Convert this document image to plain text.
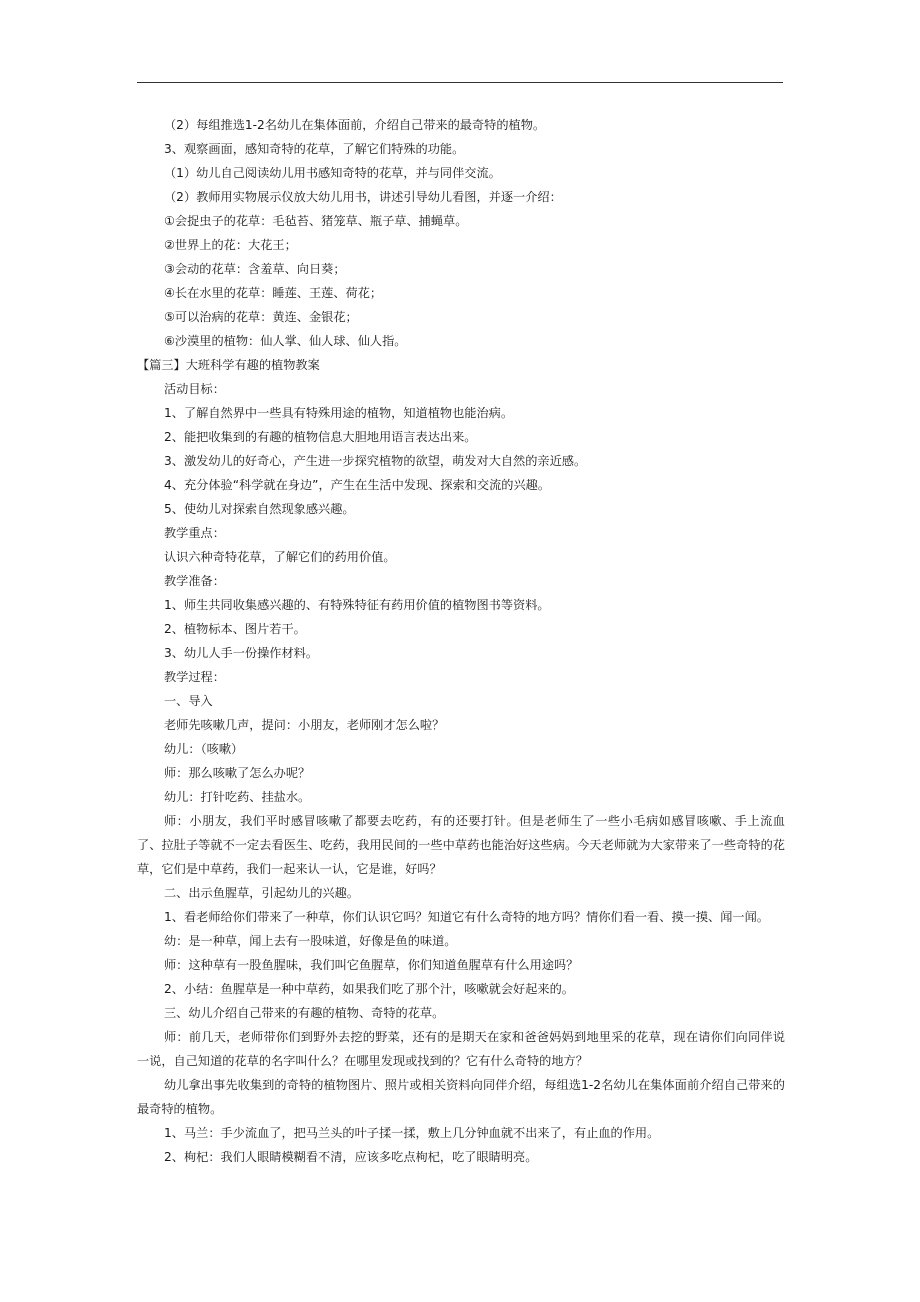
（2）每组推选1-2名幼儿在集体面前，介绍自己带来的最奇特的植物。
3、观察画面，感知奇特的花草，了解它们特殊的功能。
（1）幼儿自己阅读幼儿用书感知奇特的花草，并与同伴交流。
（2）教师用实物展示仪放大幼儿用书，讲述引导幼儿看图，并逐一介绍：
①会捉虫子的花草：毛毡苔、猪笼草、瓶子草、捕蝇草。
②世界上的花：大花王；
③会动的花草：含羞草、向日葵；
④长在水里的花草：睡莲、王莲、荷花；
⑤可以治病的花草：黄连、金银花；
⑥沙漠里的植物：仙人掌、仙人球、仙人指。
【篇三】大班科学有趣的植物教案
活动目标：
1、了解自然界中一些具有特殊用途的植物，知道植物也能治病。
2、能把收集到的有趣的植物信息大胆地用语言表达出来。
3、激发幼儿的好奇心，产生进一步探究植物的欲望，萌发对大自然的亲近感。
4、充分体验“科学就在身边”，产生在生活中发现、探索和交流的兴趣。
5、使幼儿对探索自然现象感兴趣。
教学重点：
认识六种奇特花草，了解它们的药用价值。
教学准备：
1、师生共同收集感兴趣的、有特殊特征有药用价值的植物图书等资料。
2、植物标本、图片若干。
3、幼儿人手一份操作材料。
教学过程：
一、导入
老师先咳嗽几声，提问：小朋友，老师刚才怎么啦？
幼儿：（咳嗽）
师：那么咳嗽了怎么办呢？
幼儿：打针吃药、挂盐水。
师：小朋友，我们平时感冒咳嗽了都要去吃药，有的还要打针。但是老师生了一些小毛病如感冒咳嗽、手上流血了、拉肚子等就不一定去看医生、吃药，我用民间的一些中草药也能治好这些病。今天老师就为大家带来了一些奇特的花草，它们是中草药，我们一起来认一认，它是谁，好吗？
二、出示鱼腥草，引起幼儿的兴趣。
1、看老师给你们带来了一种草，你们认识它吗？知道它有什么奇特的地方吗？情你们看一看、摸一摸、闻一闻。
幼：是一种草，闻上去有一股味道，好像是鱼的味道。
师：这种草有一股鱼腥味，我们叫它鱼腥草，你们知道鱼腥草有什么用途吗？
2、小结：鱼腥草是一种中草药，如果我们吃了那个汁，咳嗽就会好起来的。
三、幼儿介绍自己带来的有趣的植物、奇特的花草。
师：前几天，老师带你们到野外去挖的野菜，还有的是期天在家和爸爸妈妈到地里采的花草，现在请你们向同伴说一说，自己知道的花草的名字叫什么？在哪里发现或找到的？它有什么奇特的地方？
幼儿拿出事先收集到的奇特的植物图片、照片或相关资料向同伴介绍，每组选1-2名幼儿在集体面前介绍自己带来的最奇特的植物。
1、马兰：手少流血了，把马兰头的叶子揉一揉，敷上几分钟血就不出来了，有止血的作用。
2、枸杞：我们人眼睛模糊看不清，应该多吃点枸杞，吃了眼睛明亮。
